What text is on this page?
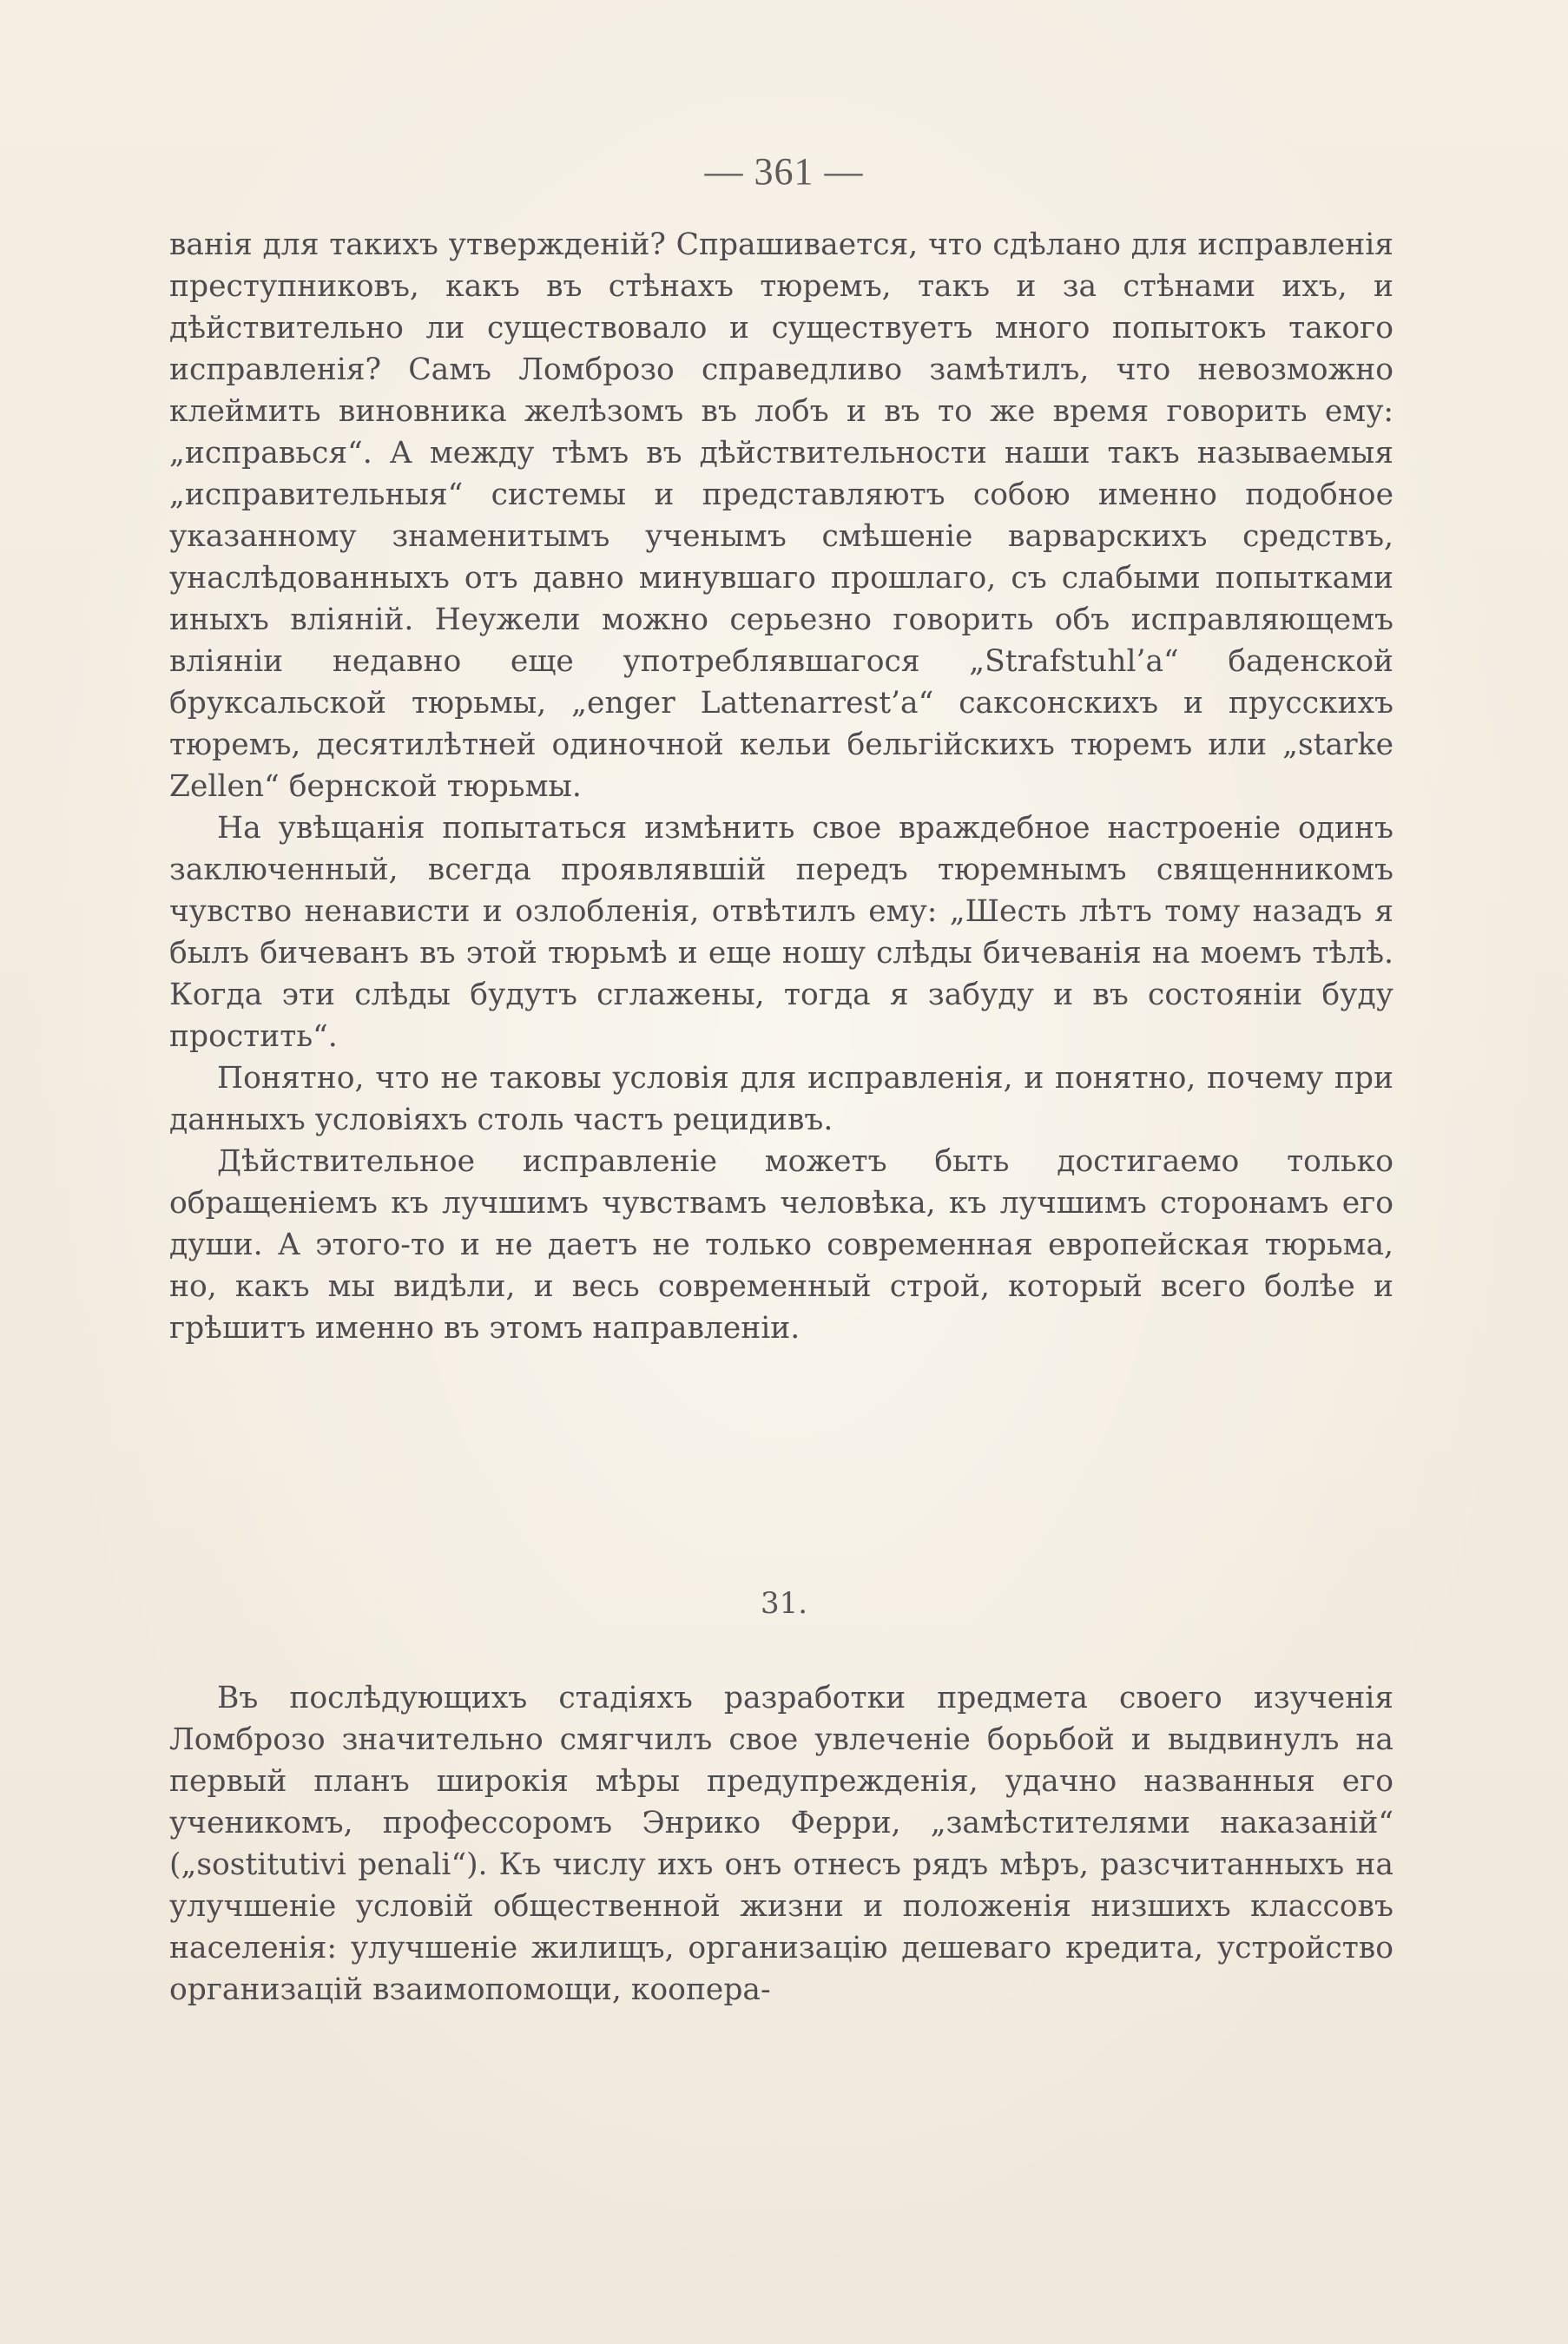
— 361 —

ванія для такихъ утвержденій? Спрашивается, что сдѣлано для исправленія преступниковъ, какъ въ стѣнахъ тюремъ, такъ и за стѣнами ихъ, и дѣйствительно ли существовало и существуетъ много попытокъ такого исправленія? Самъ Ломброзо справедливо замѣтилъ, что невозможно клеймить виновника желѣзомъ въ лобъ и въ то же время говорить ему: „исправься“. А между тѣмъ въ дѣйствительности наши такъ называемыя „исправительныя“ системы и представляютъ собою именно подобное указанному знаменитымъ ученымъ смѣшеніе варварскихъ средствъ, унаслѣдованныхъ отъ давно минувшаго прошлаго, съ слабыми попытками иныхъ вліяній. Неужели можно серьезно говорить объ исправляющемъ вліяніи недавно еще употреблявшагося „Strafstuhl’a“ баденской бруксальской тюрьмы, „enger Lattenarrest’a“ саксонскихъ и прусскихъ тюремъ, десятилѣтней одиночной кельи бельгійскихъ тюремъ или „starke Zellen“ бернской тюрьмы.

На увѣщанія попытаться измѣнить свое враждебное настроеніе одинъ заключенный, всегда проявлявшій передъ тюремнымъ священникомъ чувство ненависти и озлобленія, отвѣтилъ ему: „Шесть лѣтъ тому назадъ я былъ бичеванъ въ этой тюрьмѣ и еще ношу слѣды бичеванія на моемъ тѣлѣ. Когда эти слѣды будутъ сглажены, тогда я забуду и въ состояніи буду простить“.

Понятно, что не таковы условія для исправленія, и понятно, почему при данныхъ условіяхъ столь частъ рецидивъ.

Дѣйствительное исправленіе можетъ быть достигаемо только обращеніемъ къ лучшимъ чувствамъ человѣка, къ лучшимъ сторонамъ его души. А этого-то и не даетъ не только современная европейская тюрьма, но, какъ мы видѣли, и весь современный строй, который всего болѣе и грѣшитъ именно въ этомъ направленіи.

31.

Въ послѣдующихъ стадіяхъ разработки предмета своего изученія Ломброзо значительно смягчилъ свое увлеченіе борьбой и выдвинулъ на первый планъ широкія мѣры предупрежденія, удачно названныя его ученикомъ, профессоромъ Энрико Ферри, „замѣстителями наказаній“ („sostitutivi penali“). Къ числу ихъ онъ отнесъ рядъ мѣръ, разсчитанныхъ на улучшеніе условій общественной жизни и положенія низшихъ классовъ населенія: улучшеніе жилищъ, организацію дешеваго кредита, устройство организацій взаимопомощи, коопера-
